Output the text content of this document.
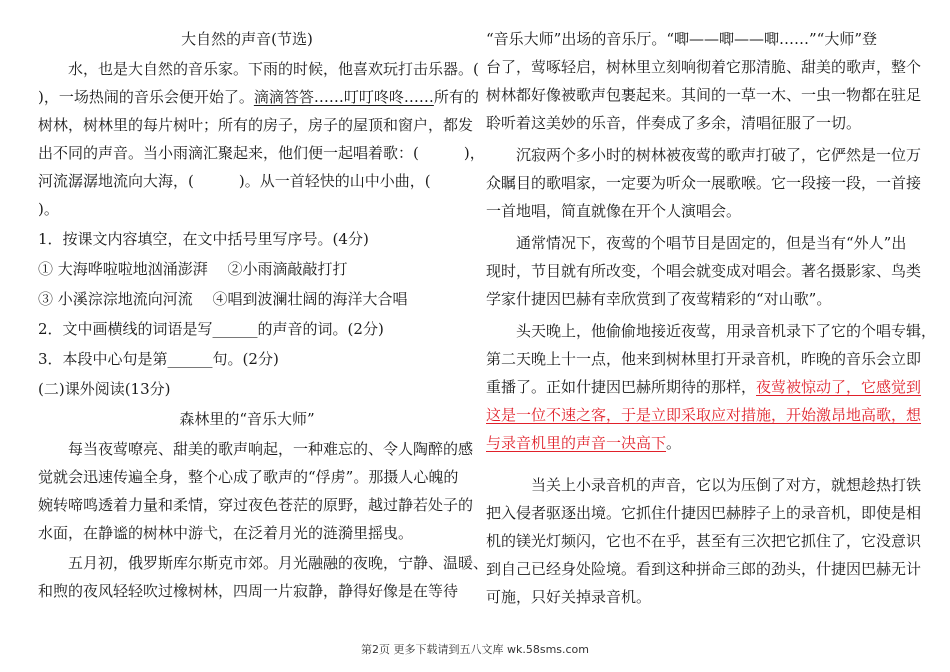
大自然的声音(节选)
水，也是大自然的音乐家。下雨的时候，他喜欢玩打击乐器。(
)，一场热闹的音乐会便开始了。滴滴答答……叮叮咚咚……所有的
树林，树林里的每片树叶；所有的房子，房子的屋顶和窗户，都发
出不同的声音。当小雨滴汇聚起来，他们便一起唱着歌：(　　　)，
河流潺潺地流向大海，(　　　)。从一首轻快的山中小曲，(
)。
1．按课文内容填空，在文中括号里写序号。(4分)
① 大海哗啦啦地汹涌澎湃　 ②小雨滴敲敲打打
③ 小溪淙淙地流向河流　 ④唱到波澜壮阔的海洋大合唱
2．文中画横线的词语是写______的声音的词。(2分)
3．本段中心句是第______句。(2分)
(二)课外阅读(13分)
森林里的“音乐大师”
每当夜莺嘹亮、甜美的歌声响起，一种难忘的、令人陶醉的感
觉就会迅速传遍全身，整个心成了歌声的“俘虏”。那摄人心魄的
婉转啼鸣透着力量和柔情，穿过夜色苍茫的原野，越过静若处子的
水面，在静谧的树林中游弋，在泛着月光的涟漪里摇曳。
五月初，俄罗斯库尔斯克市郊。月光融融的夜晚，宁静、温暖、
和煦的夜风轻轻吹过橡树林，四周一片寂静，静得好像是在等待
“音乐大师”出场的音乐厅。“唧——唧——唧……”“大师”登
台了，莺啄轻启，树林里立刻响彻着它那清脆、甜美的歌声，整个
树林都好像被歌声包裹起来。其间的一草一木、一虫一物都在驻足
聆听着这美妙的乐音，伴奏成了多余，清唱征服了一切。
沉寂两个多小时的树林被夜莺的歌声打破了，它俨然是一位万
众瞩目的歌唱家，一定要为听众一展歌喉。它一段接一段，一首接
一首地唱，简直就像在开个人演唱会。
通常情况下，夜莺的个唱节目是固定的，但是当有“外人”出
现时，节目就有所改变，个唱会就变成对唱会。著名摄影家、鸟类
学家什捷因巴赫有幸欣赏到了夜莺精彩的“对山歌”。
头天晚上，他偷偷地接近夜莺，用录音机录下了它的个唱专辑，
第二天晚上十一点，他来到树林里打开录音机，昨晚的音乐会立即
重播了。正如什捷因巴赫所期待的那样，夜莺被惊动了，它感觉到
这是一位不速之客，于是立即采取应对措施，开始激昂地高歌，想
与录音机里的声音一决高下。
当关上小录音机的声音，它以为压倒了对方，就想趁热打铁
把入侵者驱逐出境。它抓住什捷因巴赫脖子上的录音机，即使是相
机的镁光灯频闪，它也不在乎，甚至有三次把它抓住了，它没意识
到自己已经身处险境。看到这种拼命三郎的劲头，什捷因巴赫无计
可施，只好关掉录音机。
第2页 更多下载请到五八文库 wk.58sms.com
